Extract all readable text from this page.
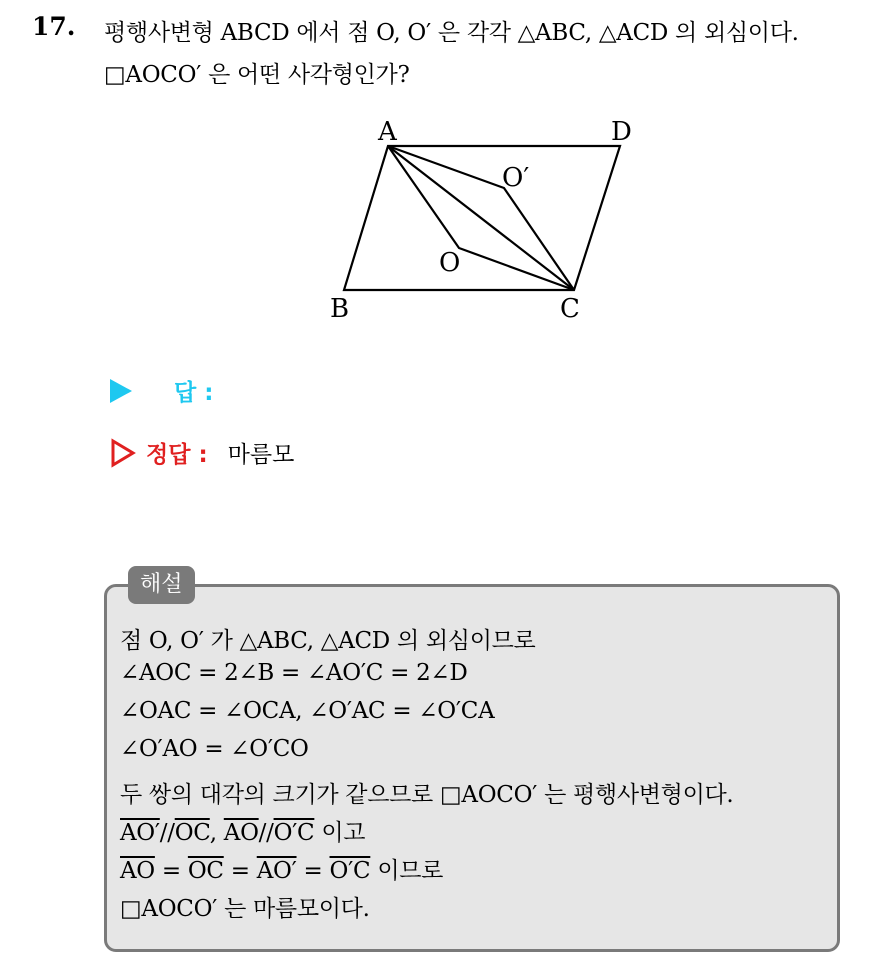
17. 평행사변형 ABCD 에서 점 O, O′ 은 각각 △ABC, △ACD 의 외심이다.
□AOCO′ 은 어떤 사각형인가?
A	D
B	C
O
O′
답 :
정답 : 마름모
해설
점 O, O′ 가 △ABC, △ACD 의 외심이므로
∠AOC = 2∠B = ∠AO′C = 2∠D
∠OAC = ∠OCA, ∠O′AC = ∠O′CA
∠O′AO = ∠O′CO
두 쌍의 대각의 크기가 같으므로 □AOCO′ 는 평행사변형이다.
$AO'//\overline{OC}$, $\overline{AO}//O'C$ 이고
$\overline{AO} = \overline{OC} = AO' = O'C$ 이므로
□AOCO′ 는 마름모이다.
